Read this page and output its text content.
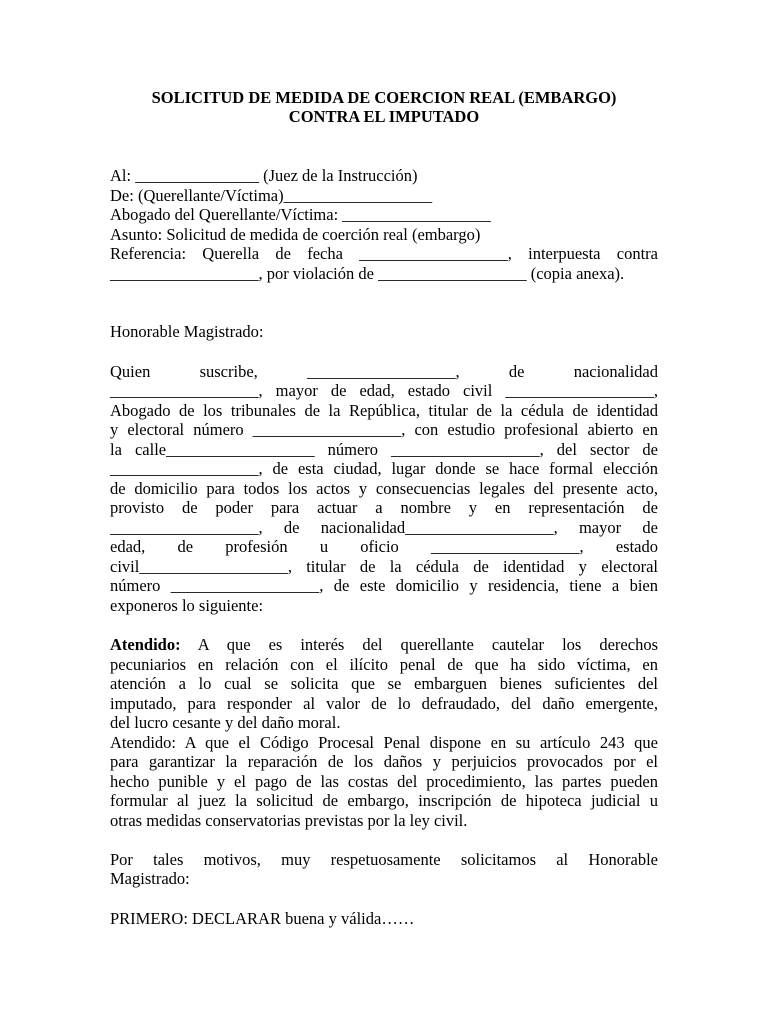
SOLICITUD DE MEDIDA DE COERCION REAL (EMBARGO)
CONTRA EL IMPUTADO
Al: _______________ (Juez de la Instrucción)
De: (Querellante/Víctima)__________________
Abogado del Querellante/Víctima: __________________
Asunto: Solicitud de medida de coerción real (embargo)
Referencia: Querella de fecha __________________, interpuesta contra
__________________, por violación de __________________ (copia anexa).
Honorable Magistrado:
Quien suscribe, __________________, de nacionalidad
__________________, mayor de edad, estado civil __________________,
Abogado de los tribunales de la República, titular de la cédula de identidad
y electoral número __________________, con estudio profesional abierto en
la calle__________________ número __________________, del sector de
__________________, de esta ciudad, lugar donde se hace formal elección
de domicilio para todos los actos y consecuencias legales del presente acto,
provisto de poder para actuar a nombre y en representación de
__________________, de nacionalidad__________________, mayor de
edad, de profesión u oficio __________________, estado
civil__________________, titular de la cédula de identidad y electoral
número __________________, de este domicilio y residencia, tiene a bien
exponeros lo siguiente:
Atendido: A que es interés del querellante cautelar los derechos
pecuniarios en relación con el ilícito penal de que ha sido víctima, en
atención a lo cual se solicita que se embarguen bienes suficientes del
imputado, para responder al valor de lo defraudado, del daño emergente,
del lucro cesante y del daño moral.
Atendido: A que el Código Procesal Penal dispone en su artículo 243 que
para garantizar la reparación de los daños y perjuicios provocados por el
hecho punible y el pago de las costas del procedimiento, las partes pueden
formular al juez la solicitud de embargo, inscripción de hipoteca judicial u
otras medidas conservatorias previstas por la ley civil.
Por tales motivos, muy respetuosamente solicitamos al Honorable
Magistrado:
PRIMERO: DECLARAR buena y válida……
